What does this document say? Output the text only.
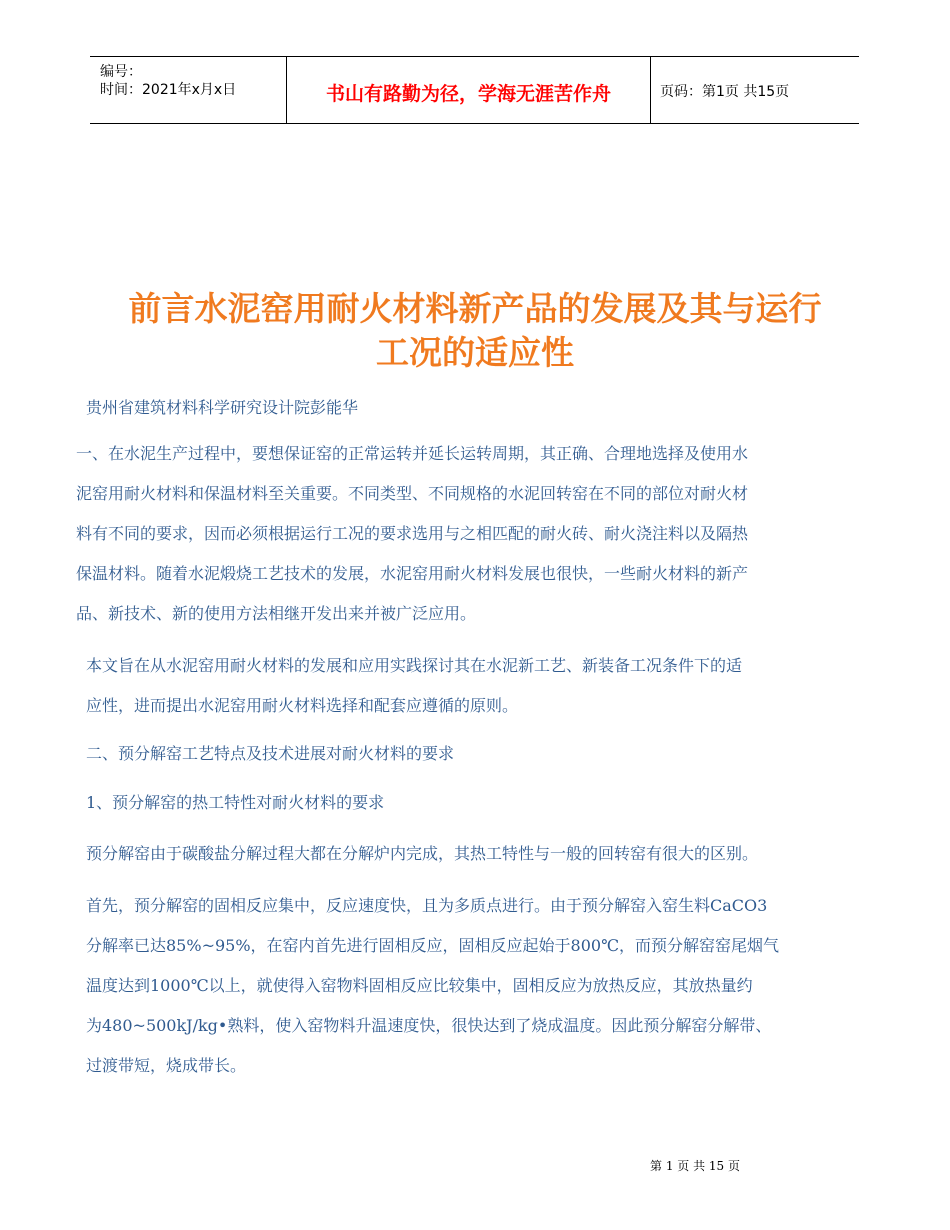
编号：
时间：2021年x月x日	书山有路勤为径，学海无涯苦作舟	页码：第1页 共15页
前言水泥窑用耐火材料新产品的发展及其与运行
工况的适应性
贵州省建筑材料科学研究设计院彭能华
一、在水泥生产过程中，要想保证窑的正常运转并延长运转周期，其正确、合理地选择及使用水
泥窑用耐火材料和保温材料至关重要。不同类型、不同规格的水泥回转窑在不同的部位对耐火材
料有不同的要求，因而必须根据运行工况的要求选用与之相匹配的耐火砖、耐火浇注料以及隔热
保温材料。随着水泥煅烧工艺技术的发展，水泥窑用耐火材料发展也很快，一些耐火材料的新产
品、新技术、新的使用方法相继开发出来并被广泛应用。
本文旨在从水泥窑用耐火材料的发展和应用实践探讨其在水泥新工艺、新装备工况条件下的适
应性，进而提出水泥窑用耐火材料选择和配套应遵循的原则。
二、预分解窑工艺特点及技术进展对耐火材料的要求
1、预分解窑的热工特性对耐火材料的要求
预分解窑由于碳酸盐分解过程大都在分解炉内完成，其热工特性与一般的回转窑有很大的区别。
首先，预分解窑的固相反应集中，反应速度快，且为多质点进行。由于预分解窑入窑生料CaCO3
分解率已达85%~95%，在窑内首先进行固相反应，固相反应起始于800℃，而预分解窑窑尾烟气
温度达到1000℃以上，就使得入窑物料固相反应比较集中，固相反应为放热反应，其放热量约
为480~500kJ/kg•熟料，使入窑物料升温速度快，很快达到了烧成温度。因此预分解窑分解带、
过渡带短，烧成带长。
第 1 页 共 15 页
